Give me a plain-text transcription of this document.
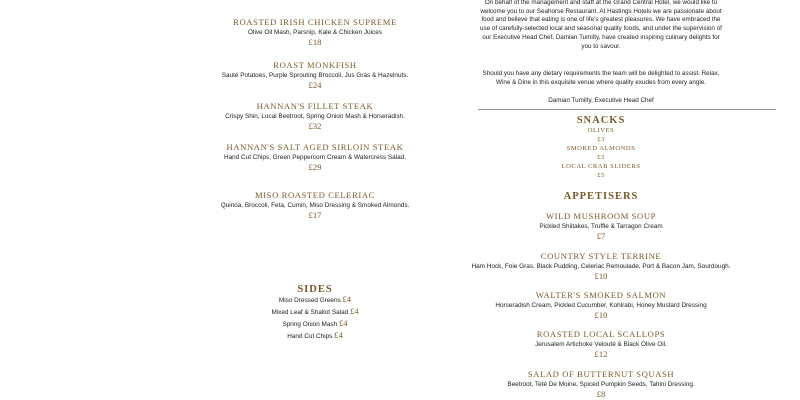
ROASTED IRISH CHICKEN SUPREME
Olive Oil Mash, Parsnip, Kale & Chicken Juices
£18
ROAST MONKFISH
Sauté Potatoes, Purple Sprouting Broccoli, Jus Gras & Hazelnuts.
£24
HANNAN'S FILLET STEAK
Crispy Shin, Local Beetroot, Spring Onion Mash & Horseradish.
£32
HANNAN'S SALT AGED SIRLOIN STEAK
Hand Cut Chips, Green Peppercorn Cream & Watercress Salad.
£29
MISO ROASTED CELERIAC
Quinoa, Broccoli, Feta, Cumin, Miso Dressing & Smoked Almonds.
£17
SIDES
Miso Dressed Greens £4
Mixed Leaf & Shallot Salad £4
Spring Onion Mash £4
Hand Cut Chips £4
On behalf of the management and staff at the Grand Central Hotel, we would like to welcome you to our Seahorse Restaurant. At Hastings Hotels we are passionate about food and believe that eating is one of life's greatest pleasures. We have embraced the use of carefully-selected local and seasonal quality foods, and under the supervision of our Executive Head Chef, Damian Tumilty, have created inspiring culinary delights for you to savour.
Should you have any dietary requirements the team will be delighted to assist. Relax, Wine & Dine in this exquisite venue where quality exudes from every angle.
Damian Tumilty, Executive Head Chef
SNACKS
OLIVES
£3
SMOKED ALMONDS
£3
LOCAL CRAB SLIDERS
£5
APPETISERS
WILD MUSHROOM SOUP
Pickled Shiitakes, Truffle & Tarragon Cream
£7
COUNTRY STYLE TERRINE
Ham Hock, Foie Gras, Black Pudding, Celeriac Remoulade, Port & Bacon Jam, Sourdough.
£10
WALTER'S SMOKED SALMON
Horseradish Cream, Pickled Cucumber, Kohlrabi, Honey Mustard Dressing
£10
ROASTED LOCAL SCALLOPS
Jerusalem Artichoke Velouté & Black Olive Oil.
£12
SALAD OF BUTTERNUT SQUASH
Beetroot, Teté De Moine, Spiced Pumpkin Seeds, Tahini Dressing.
£8
